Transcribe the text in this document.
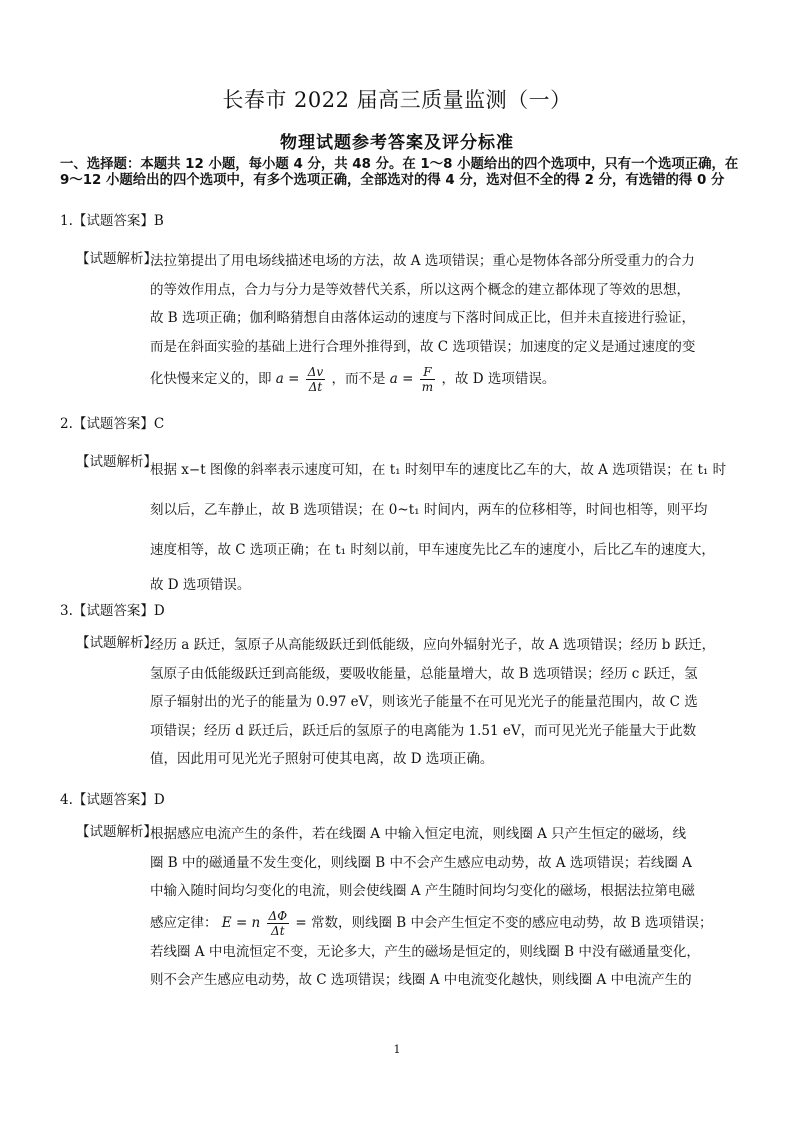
长春市 2022 届高三质量监测（一）
物理试题参考答案及评分标准
一、选择题：本题共 12 小题，每小题 4 分，共 48 分。在 1～8 小题给出的四个选项中，只有一个选项正确，在 9～12 小题给出的四个选项中，有多个选项正确，全部选对的得 4 分，选对但不全的得 2 分，有选错的得 0 分
1.【试题答案】B
【试题解析】
法拉第提出了用电场线描述电场的方法，故 A 选项错误；重心是物体各部分所受重力的合力
的等效作用点，合力与分力是等效替代关系，所以这两个概念的建立都体现了等效的思想，
故 B 选项正确；伽利略猜想自由落体运动的速度与下落时间成正比，但并未直接进行验证，
而是在斜面实验的基础上进行合理外推得到，故 C 选项错误；加速度的定义是通过速度的变
化快慢来定义的，即 $a = \frac{\Delta v}{\Delta t}$ ，而不是 $a = \frac{F}{m}$ ，故 D 选项错误。
2.【试题答案】C
【试题解析】
根据 x−t 图像的斜率表示速度可知，在 t₁ 时刻甲车的速度比乙车的大，故 A 选项错误；在 t₁ 时
刻以后，乙车静止，故 B 选项错误；在 0~t₁ 时间内，两车的位移相等，时间也相等，则平均
速度相等，故 C 选项正确；在 t₁ 时刻以前，甲车速度先比乙车的速度小，后比乙车的速度大，
故 D 选项错误。
3.【试题答案】D
【试题解析】
经历 a 跃迁，氢原子从高能级跃迁到低能级，应向外辐射光子，故 A 选项错误；经历 b 跃迁，
氢原子由低能级跃迁到高能级，要吸收能量，总能量增大，故 B 选项错误；经历 c 跃迁，氢
原子辐射出的光子的能量为 0.97 eV，则该光子能量不在可见光光子的能量范围内，故 C 选
项错误；经历 d 跃迁后，跃迁后的氢原子的电离能为 1.51 eV，而可见光光子能量大于此数
值，因此用可见光光子照射可使其电离，故 D 选项正确。
4.【试题答案】D
【试题解析】
根据感应电流产生的条件，若在线圈 A 中输入恒定电流，则线圈 A 只产生恒定的磁场，线
圈 B 中的磁通量不发生变化，则线圈 B 中不会产生感应电动势，故 A 选项错误；若线圈 A
中输入随时间均匀变化的电流，则会使线圈 A 产生随时间均匀变化的磁场，根据法拉第电磁
感应定律： E = n $\frac{\Delta\Phi}{\Delta t}$ = 常数，则线圈 B 中会产生恒定不变的感应电动势，故 B 选项错误；
若线圈 A 中电流恒定不变，无论多大，产生的磁场是恒定的，则线圈 B 中没有磁通量变化，
则不会产生感应电动势，故 C 选项错误；线圈 A 中电流变化越快，则线圈 A 中电流产生的
1
